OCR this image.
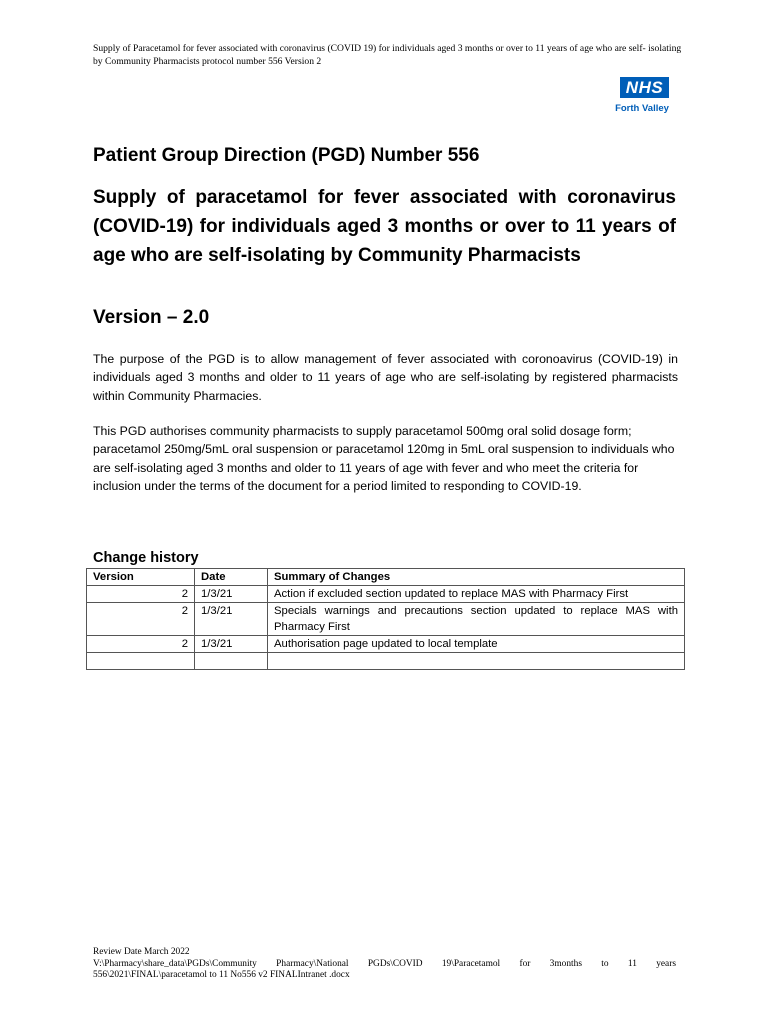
Supply of Paracetamol for fever associated with coronavirus (COVID 19) for individuals aged 3 months or over to 11 years of age who are self- isolating by Community Pharmacists protocol number 556 Version 2
NHS
Forth Valley
Patient Group Direction (PGD) Number 556
Supply of paracetamol for fever associated with coronavirus (COVID-19) for individuals aged 3 months or over to 11 years of age who are self-isolating by Community Pharmacists
Version – 2.0
The purpose of the PGD is to allow management of fever associated with coronoavirus (COVID-19) in individuals aged 3 months and older to 11 years of age who are self-isolating by registered pharmacists within Community Pharmacies.
This PGD authorises community pharmacists to supply paracetamol 500mg oral solid dosage form; paracetamol 250mg/5mL oral suspension or paracetamol 120mg in 5mL oral suspension to individuals who are self-isolating aged 3 months and older to 11 years of age with fever and who meet the criteria for inclusion under the terms of the document for a period limited to responding to COVID-19.
Change history
Version	Date	Summary of Changes
2	1/3/21	Action if excluded section updated to replace MAS with Pharmacy First
2	1/3/21	Specials warnings and precautions section updated to replace MAS with Pharmacy First
2	1/3/21	Authorisation page updated to local template

Review Date March 2022
V:\Pharmacy\share_data\PGDs\Community Pharmacy\National PGDs\COVID 19\Paracetamol for 3months to 11 years
556\2021\FINAL\paracetamol to 11 No556 v2 FINALIntranet .docx
